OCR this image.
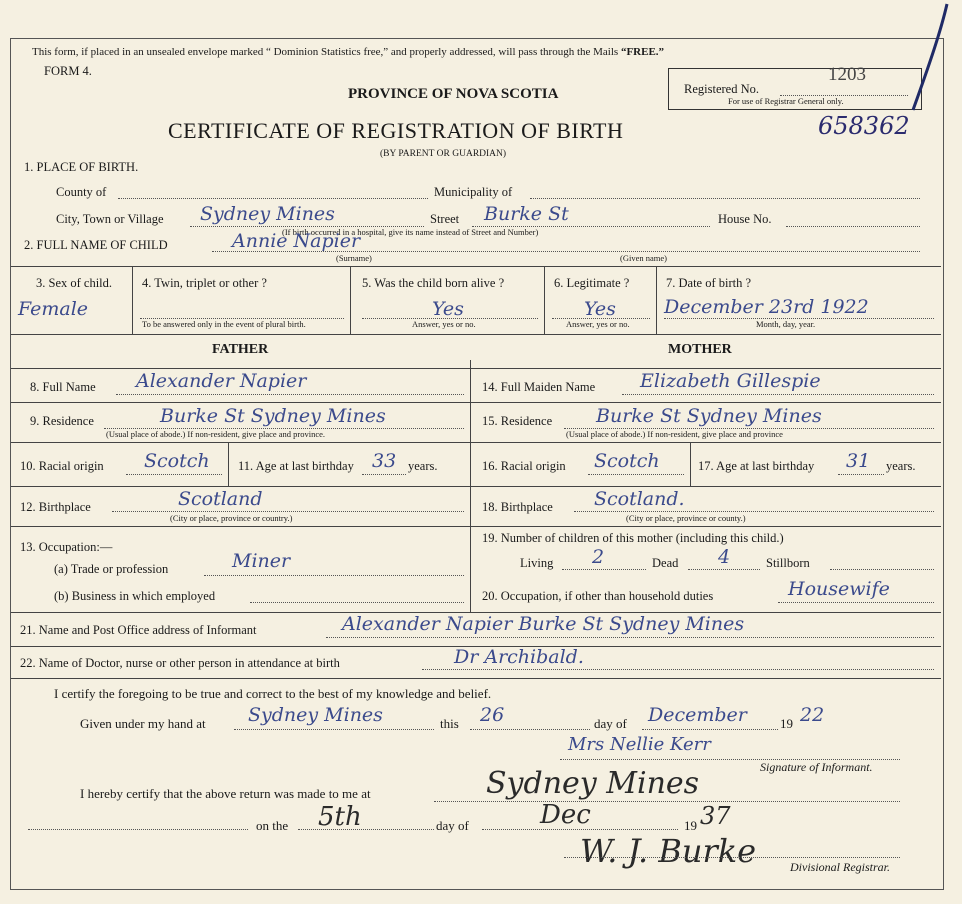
This form, if placed in an unsealed envelope marked “ Dominion Statistics free,” and properly addressed, will pass through the Mails “FREE.”
FORM 4.
PROVINCE OF NOVA SCOTIA
CERTIFICATE OF REGISTRATION OF BIRTH
(BY PARENT OR GUARDIAN)
Registered No.
1203
For use of Registrar General only.
658362
1. PLACE OF BIRTH.
County of	Municipality of
City, Town or Village Sydney Mines	Street Burke St	House No.
(If birth occurred in a hospital, give its name instead of Street and Number)
2. FULL NAME OF CHILD	Annie Napier
(Surname)	(Given name)
3. Sex of child.
Female
4. Twin, triplet or other ?
To be answered only in the event of plural birth.
5. Was the child born alive ?
Yes
Answer, yes or no.
6. Legitimate ?
Yes
Answer, yes or no.
7. Date of birth ?
December 23rd 1922
Month, day, year.
FATHER	MOTHER
8. Full Name Alexander Napier
9. Residence	Burke St Sydney Mines
(Usual place of abode.) If non-resident, give place and province.
10. Racial origin Scotch 11. Age at last birthday 33 years.
12. Birthplace	Scotland
(City or place, province or country.)
13. Occupation:—
(a) Trade or profession	Miner
(b) Business in which employed
14. Full Maiden Name Elizabeth Gillespie
15. Residence Burke St Sydney Mines
(Usual place of abode.) If non-resident, give place and province
16. Racial origin Scotch	17. Age at last birthday 31 years.
18. Birthplace Scotland.
(City or place, province or county.)
19. Number of children of this mother (including this child.)
Living 2	Dead 4	Stillborn
20. Occupation, if other than household duties	Housewife
21. Name and Post Office address of Informant	Alexander Napier Burke St Sydney Mines
22. Name of Doctor, nurse or other person in attendance at birth	Dr Archibald.
I certify the foregoing to be true and correct to the best of my knowledge and belief.
Given under my hand at Sydney Mines	this 26	day of December	19 22
Mrs Nellie Kerr
Signature of Informant.
I hereby certify that the above return was made to me at	Sydney Mines
on the 5th	day of	Dec	19 37
W. J. Burke	Divisional Registrar.
